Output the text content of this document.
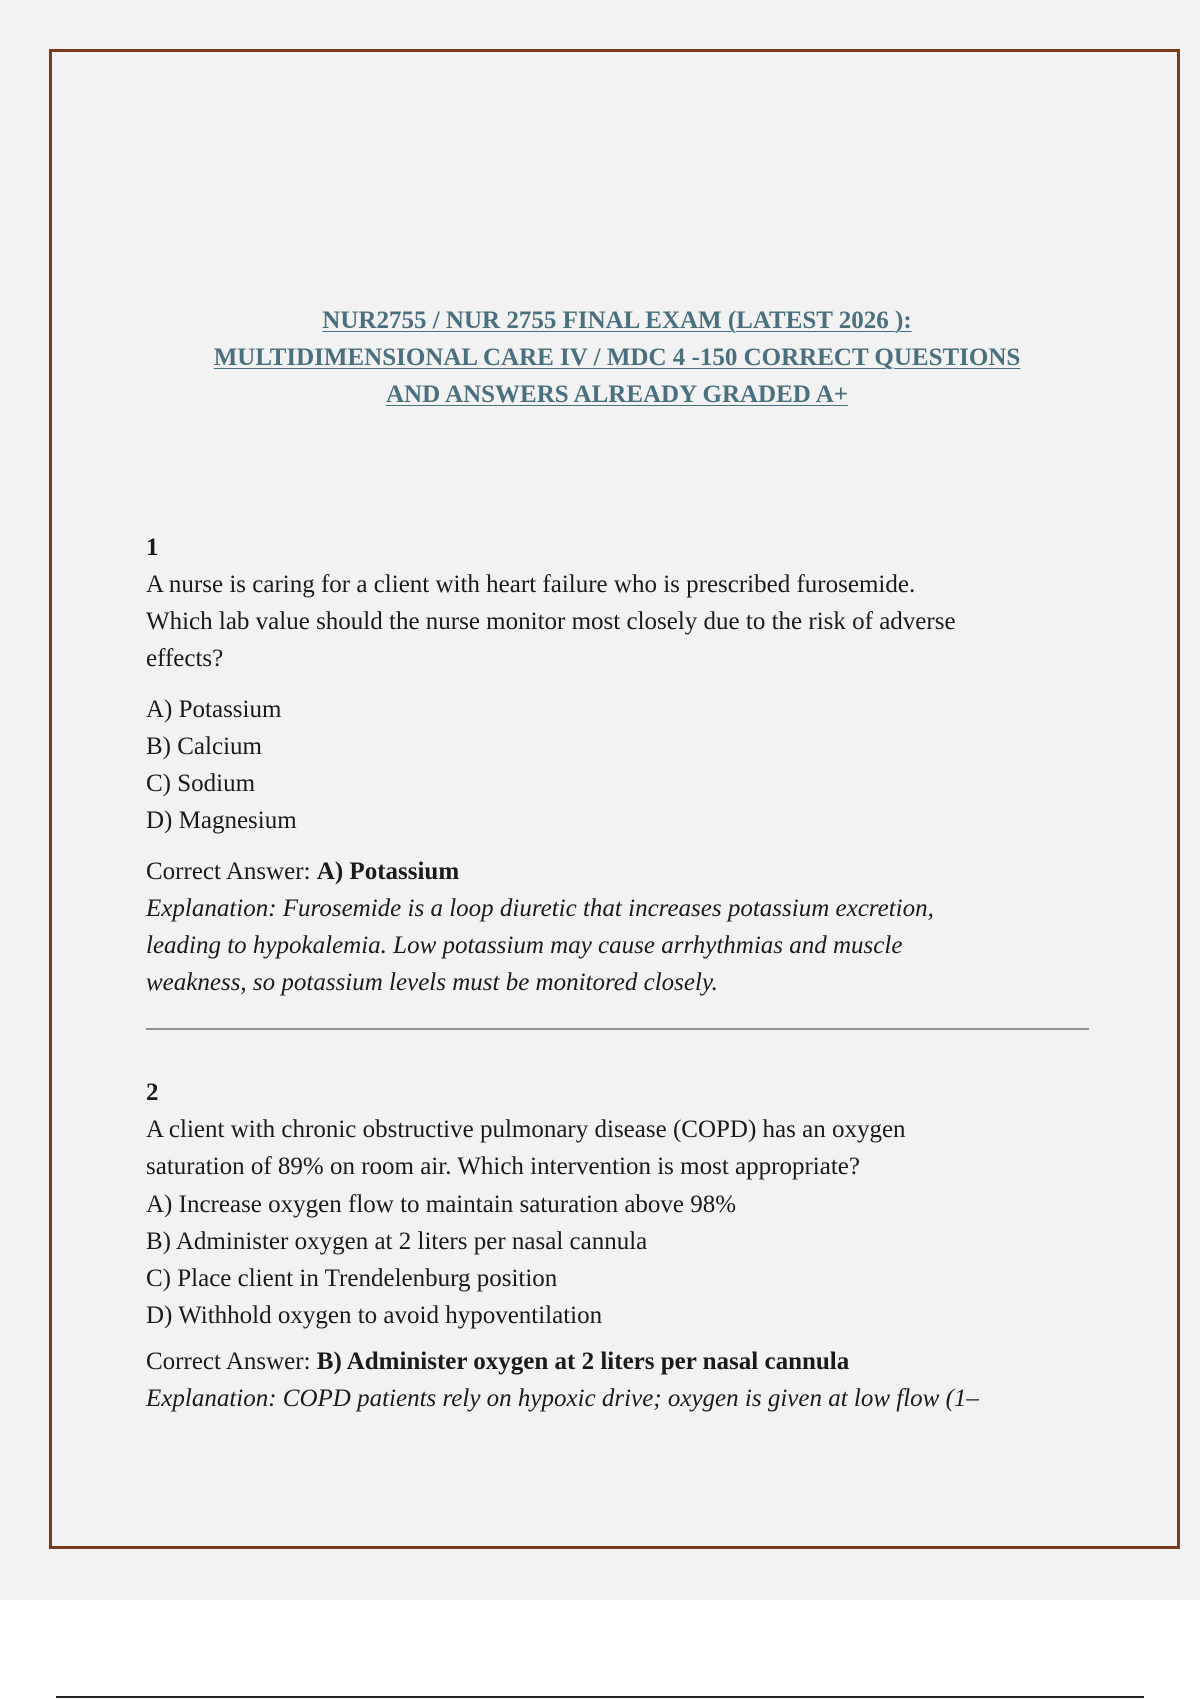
NUR2755 / NUR 2755 FINAL EXAM (LATEST 2026 ):
MULTIDIMENSIONAL CARE IV / MDC 4 -150 CORRECT QUESTIONS
AND ANSWERS ALREADY GRADED A+
1
A nurse is caring for a client with heart failure who is prescribed furosemide.
Which lab value should the nurse monitor most closely due to the risk of adverse
effects?
A) Potassium
B) Calcium
C) Sodium
D) Magnesium
Correct Answer: A) Potassium
Explanation: Furosemide is a loop diuretic that increases potassium excretion,
leading to hypokalemia. Low potassium may cause arrhythmias and muscle
weakness, so potassium levels must be monitored closely.
2
A client with chronic obstructive pulmonary disease (COPD) has an oxygen
saturation of 89% on room air. Which intervention is most appropriate?
A) Increase oxygen flow to maintain saturation above 98%
B) Administer oxygen at 2 liters per nasal cannula
C) Place client in Trendelenburg position
D) Withhold oxygen to avoid hypoventilation
Correct Answer: B) Administer oxygen at 2 liters per nasal cannula
Explanation: COPD patients rely on hypoxic drive; oxygen is given at low flow (1–
